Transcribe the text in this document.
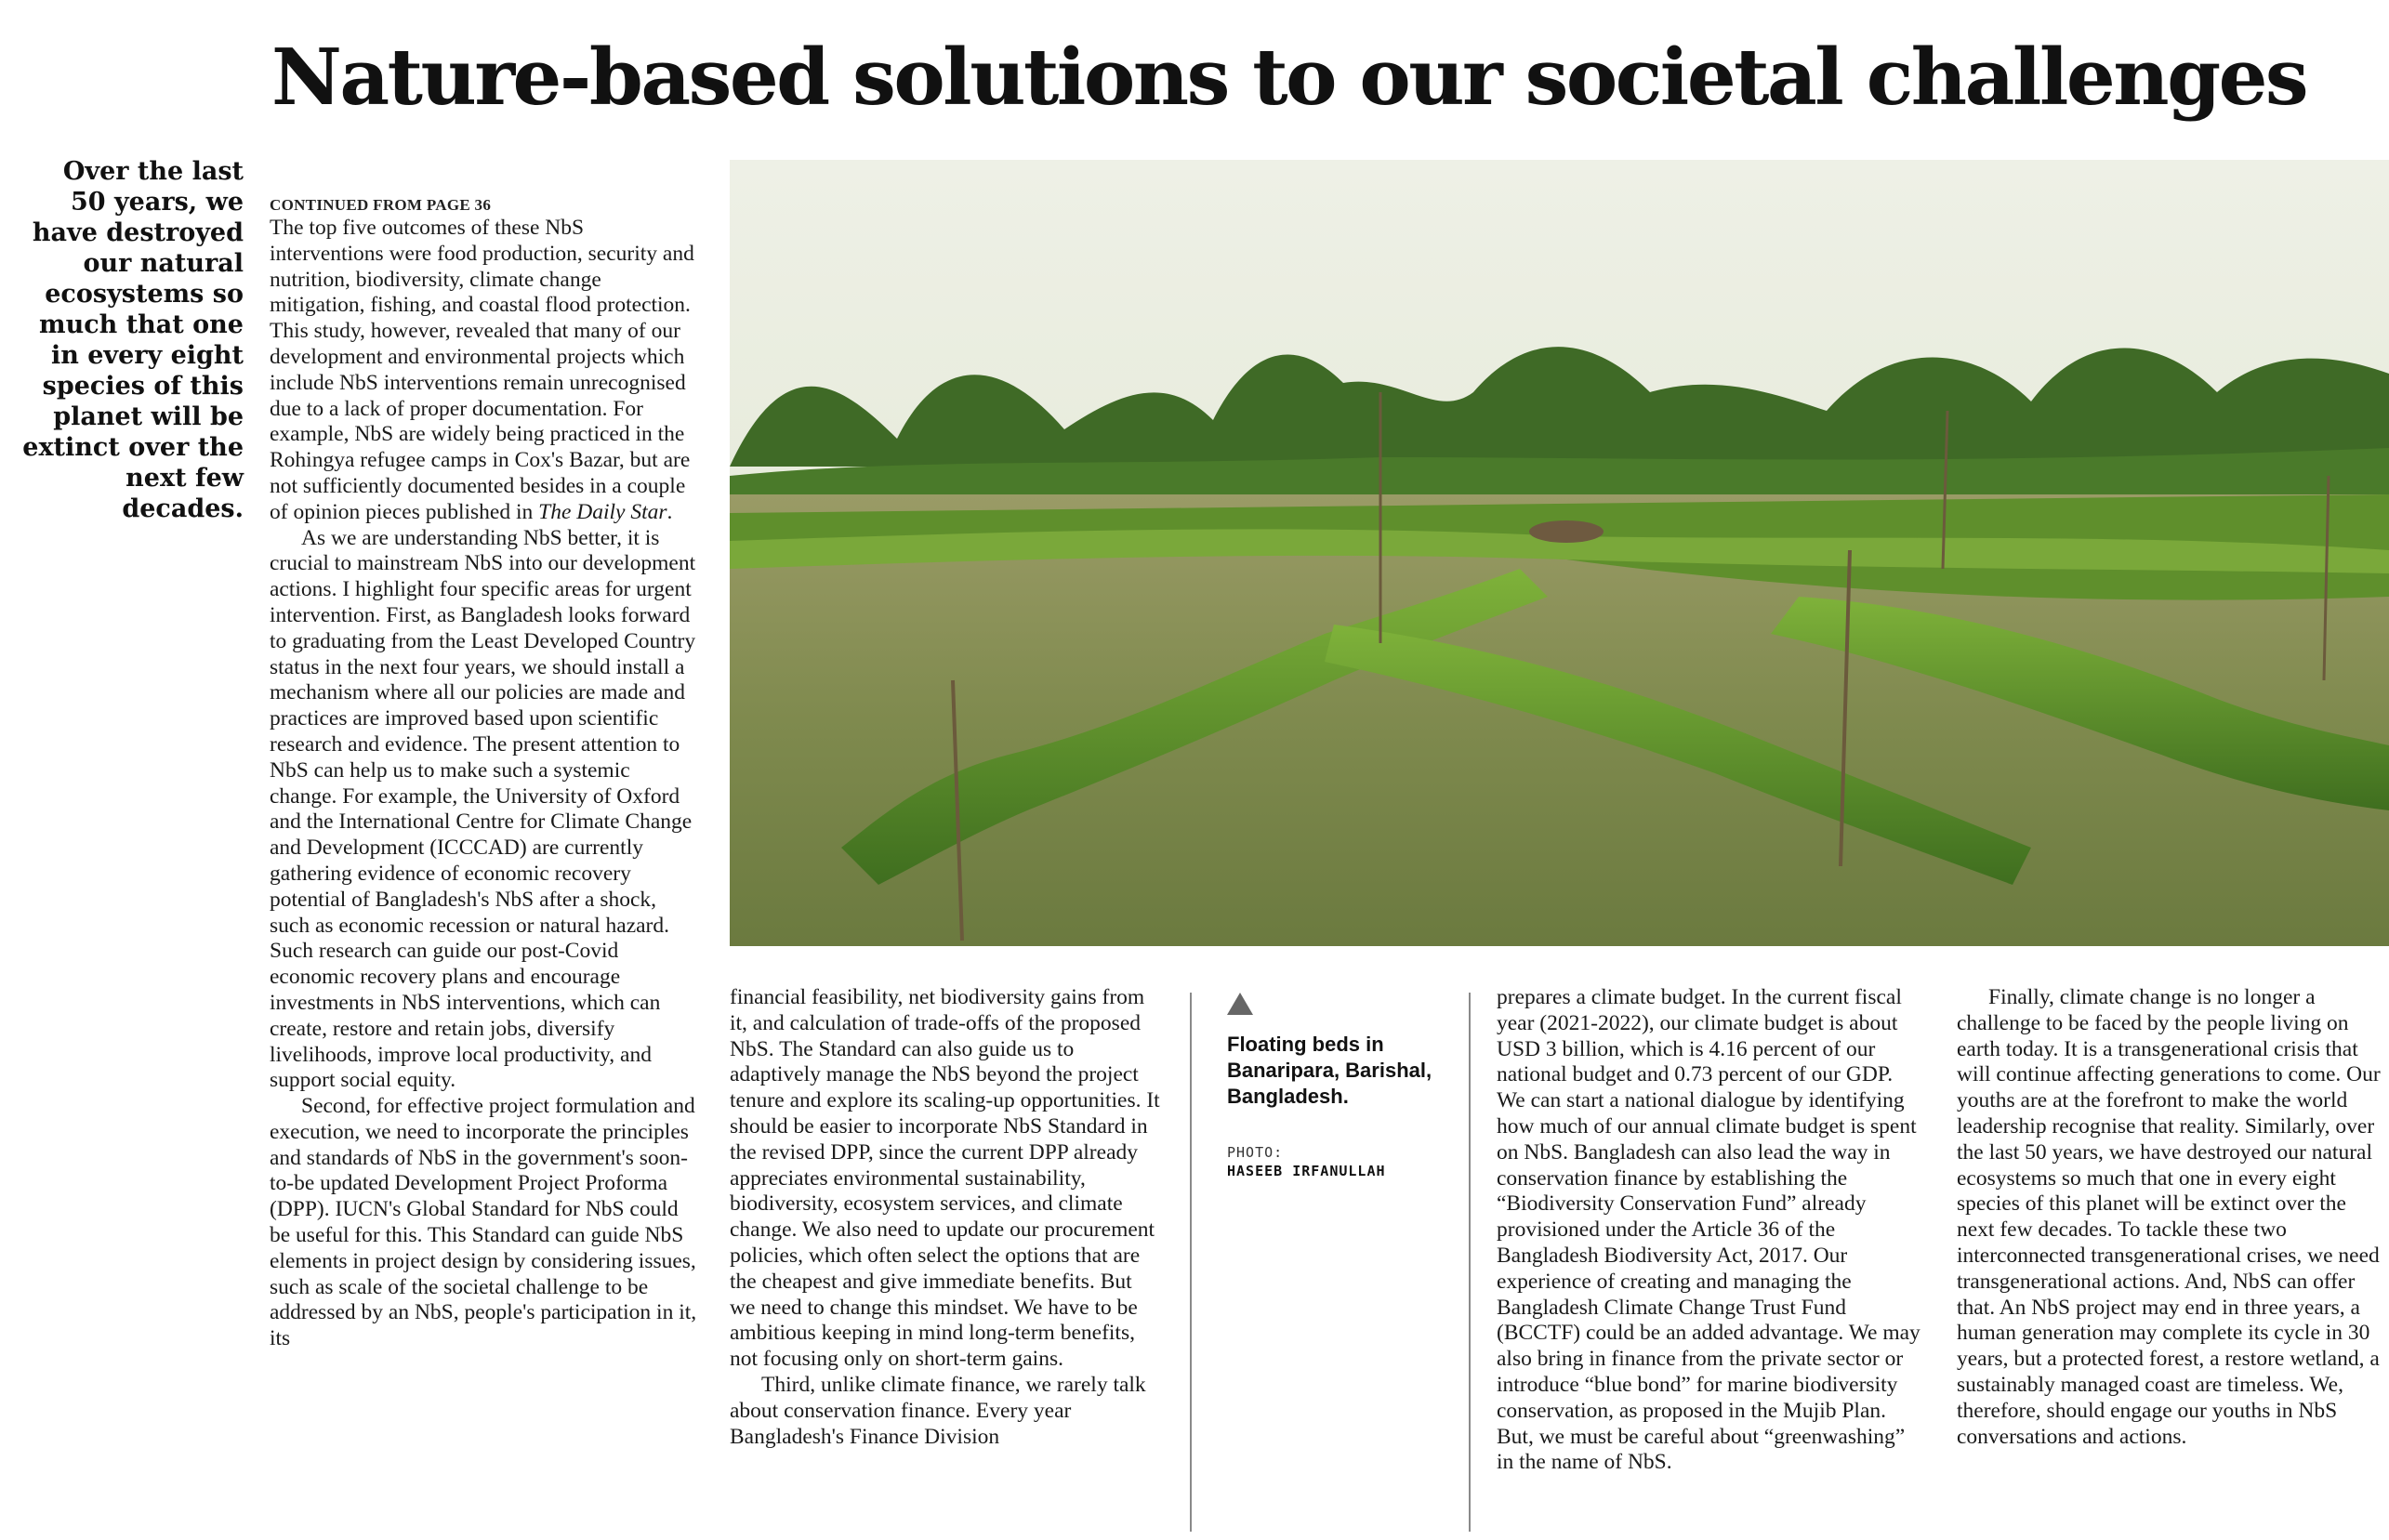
Nature-based solutions to our societal challenges

Over the last 50 years, we have destroyed our natural ecosystems so much that one in every eight species of this planet will be extinct over the next few decades.

CONTINUED FROM PAGE 36

The top five outcomes of these NbS interventions were food production, security and nutrition, biodiversity, climate change mitigation, fishing, and coastal flood protection. This study, however, revealed that many of our development and environmental projects which include NbS interventions remain unrecognised due to a lack of proper documentation. For example, NbS are widely being practiced in the Rohingya refugee camps in Cox's Bazar, but are not sufficiently documented besides in a couple of opinion pieces published in The Daily Star.

As we are understanding NbS better, it is crucial to mainstream NbS into our development actions. I highlight four specific areas for urgent intervention. First, as Bangladesh looks forward to graduating from the Least Developed Country status in the next four years, we should install a mechanism where all our policies are made and practices are improved based upon scientific research and evidence. The present attention to NbS can help us to make such a systemic change. For example, the University of Oxford and the International Centre for Climate Change and Development (ICCCAD) are currently gathering evidence of economic recovery potential of Bangladesh's NbS after a shock, such as economic recession or natural hazard. Such research can guide our post-Covid economic recovery plans and encourage investments in NbS interventions, which can create, restore and retain jobs, diversify livelihoods, improve local productivity, and support social equity.

Second, for effective project formulation and execution, we need to incorporate the principles and standards of NbS in the government's soon-to-be updated Development Project Proforma (DPP). IUCN's Global Standard for NbS could be useful for this. This Standard can guide NbS elements in project design by considering issues, such as scale of the societal challenge to be addressed by an NbS, people's participation in it, its

financial feasibility, net biodiversity gains from it, and calculation of trade-offs of the proposed NbS. The Standard can also guide us to adaptively manage the NbS beyond the project tenure and explore its scaling-up opportunities. It should be easier to incorporate NbS Standard in the revised DPP, since the current DPP already appreciates environmental sustainability, biodiversity, ecosystem services, and climate change. We also need to update our procurement policies, which often select the options that are the cheapest and give immediate benefits. But we need to change this mindset. We have to be ambitious keeping in mind long-term benefits, not focusing only on short-term gains.

Third, unlike climate finance, we rarely talk about conservation finance. Every year Bangladesh's Finance Division

Floating beds in Banaripara, Barishal, Bangladesh.

PHOTO:

HASEEB IRFANULLAH

prepares a climate budget. In the current fiscal year (2021-2022), our climate budget is about USD 3 billion, which is 4.16 percent of our national budget and 0.73 percent of our GDP. We can start a national dialogue by identifying how much of our annual climate budget is spent on NbS. Bangladesh can also lead the way in conservation finance by establishing the “Biodiversity Conservation Fund” already provisioned under the Article 36 of the Bangladesh Biodiversity Act, 2017. Our experience of creating and managing the Bangladesh Climate Change Trust Fund (BCCTF) could be an added advantage. We may also bring in finance from the private sector or introduce “blue bond” for marine biodiversity conservation, as proposed in the Mujib Plan. But, we must be careful about “greenwashing” in the name of NbS.

Finally, climate change is no longer a challenge to be faced by the people living on earth today. It is a transgenerational crisis that will continue affecting generations to come. Our youths are at the forefront to make the world leadership recognise that reality. Similarly, over the last 50 years, we have destroyed our natural ecosystems so much that one in every eight species of this planet will be extinct over the next few decades. To tackle these two interconnected transgenerational crises, we need transgenerational actions. And, NbS can offer that. An NbS project may end in three years, a human generation may complete its cycle in 30 years, but a protected forest, a restore wetland, a sustainably managed coast are timeless. We, therefore, should engage our youths in NbS conversations and actions.
